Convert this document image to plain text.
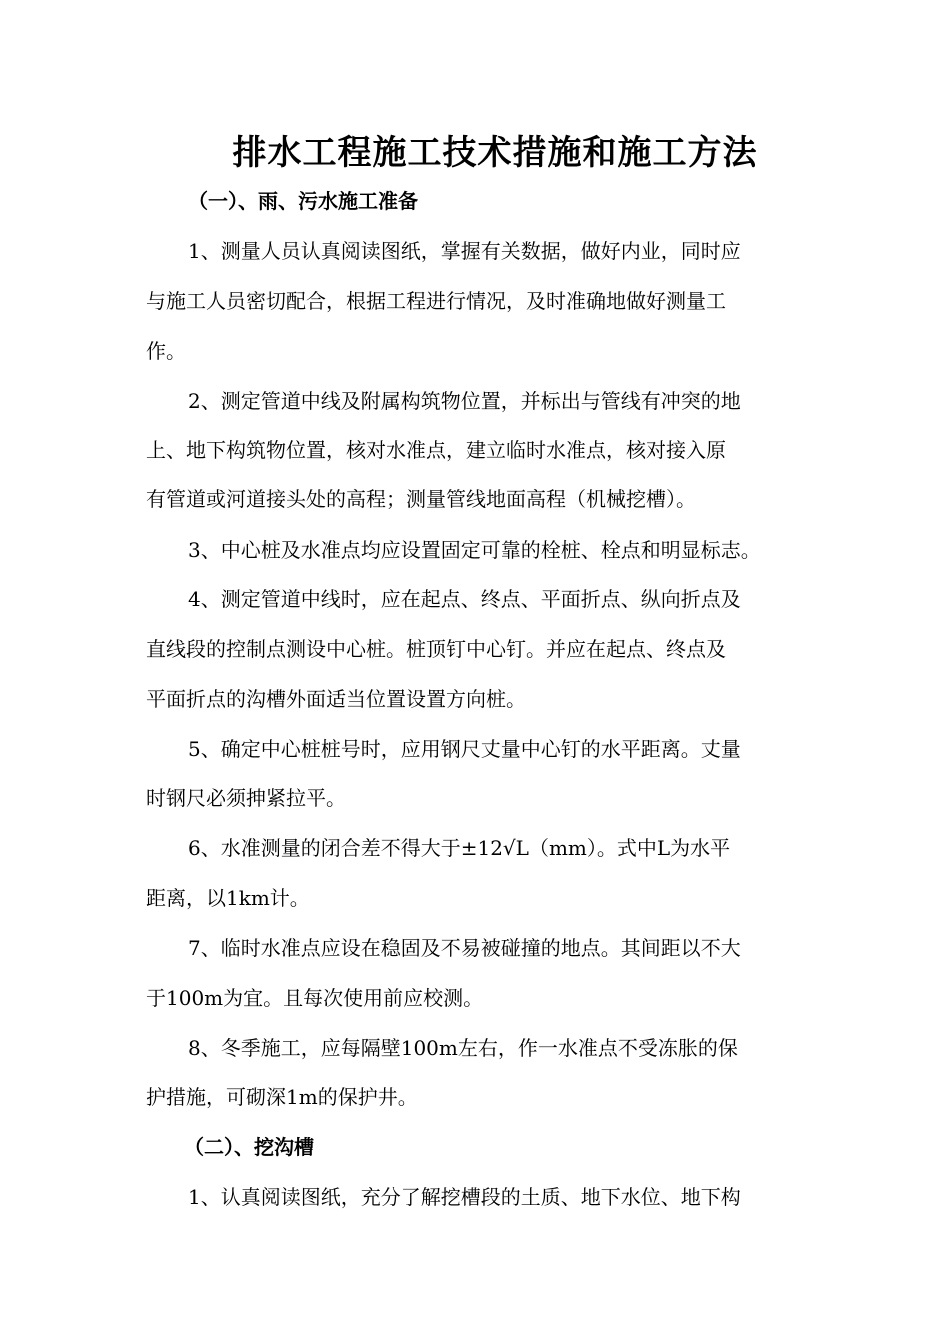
排水工程施工技术措施和施工方法
（一）、雨、污水施工准备
1、测量人员认真阅读图纸，掌握有关数据，做好内业，同时应
与施工人员密切配合，根据工程进行情况，及时准确地做好测量工
作。
2、测定管道中线及附属构筑物位置，并标出与管线有冲突的地
上、地下构筑物位置，核对水准点，建立临时水准点，核对接入原
有管道或河道接头处的高程；测量管线地面高程（机械挖槽）。
3、中心桩及水准点均应设置固定可靠的栓桩、栓点和明显标志。
4、测定管道中线时，应在起点、终点、平面折点、纵向折点及
直线段的控制点测设中心桩。桩顶钉中心钉。并应在起点、终点及
平面折点的沟槽外面适当位置设置方向桩。
5、确定中心桩桩号时，应用钢尺丈量中心钉的水平距离。丈量
时钢尺必须抻紧拉平。
6、水准测量的闭合差不得大于±12√L（mm）。式中L为水平
距离，以1km计。
7、临时水准点应设在稳固及不易被碰撞的地点。其间距以不大
于100m为宜。且每次使用前应校测。
8、冬季施工，应每隔壁100m左右，作一水准点不受冻胀的保
护措施，可砌深1m的保护井。
（二）、挖沟槽
1、认真阅读图纸，充分了解挖槽段的土质、地下水位、地下构
